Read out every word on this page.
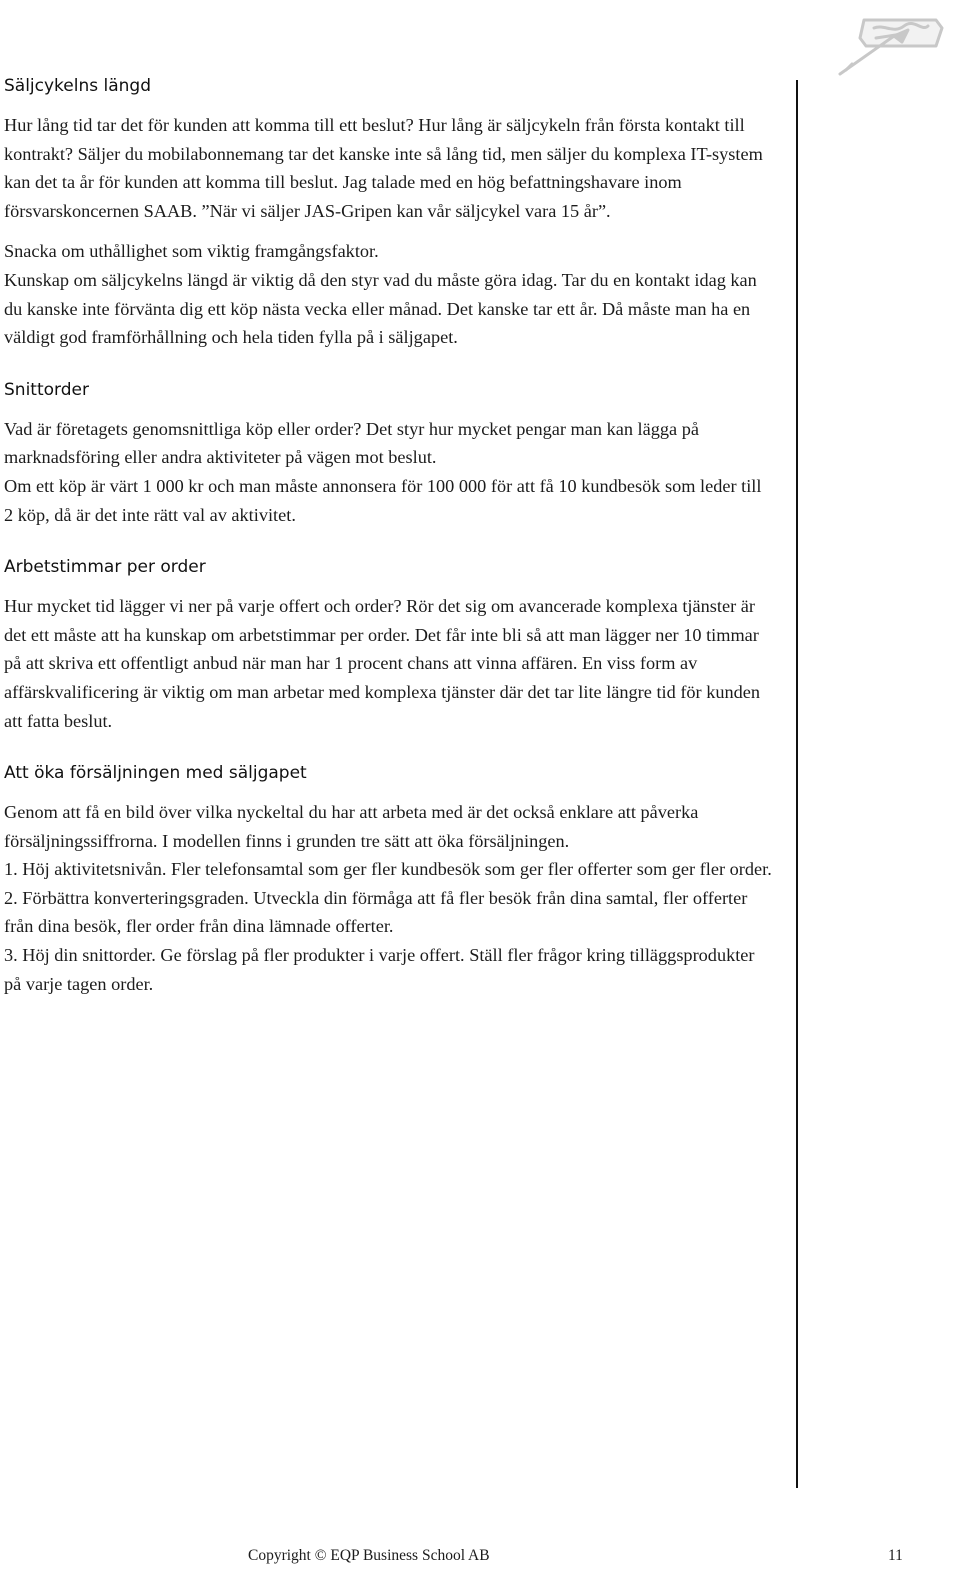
Säljcykelns längd

Hur lång tid tar det för kunden att komma till ett beslut? Hur lång är säljcykeln från första kontakt till kontrakt? Säljer du mobilabonnemang tar det kanske inte så lång tid, men säljer du komplexa IT-system kan det ta år för kunden att komma till beslut. Jag talade med en hög befattningshavare inom försvarskoncernen SAAB. ”När vi säljer JAS-Gripen kan vår säljcykel vara 15 år”.

Snacka om uthållighet som viktig framgångsfaktor.
Kunskap om säljcykelns längd är viktig då den styr vad du måste göra idag. Tar du en kontakt idag kan du kanske inte förvänta dig ett köp nästa vecka eller månad. Det kanske tar ett år. Då måste man ha en väldigt god framförhållning och hela tiden fylla på i säljgapet.

Snittorder

Vad är företagets genomsnittliga köp eller order? Det styr hur mycket pengar man kan lägga på marknadsföring eller andra aktiviteter på vägen mot beslut.
Om ett köp är värt 1 000 kr och man måste annonsera för 100 000 för att få 10 kundbesök som leder till 2 köp, då är det inte rätt val av aktivitet.

Arbetstimmar per order

Hur mycket tid lägger vi ner på varje offert och order? Rör det sig om avancerade komplexa tjänster är det ett måste att ha kunskap om arbetstimmar per order. Det får inte bli så att man lägger ner 10 timmar på att skriva ett offentligt anbud när man har 1 procent chans att vinna affären. En viss form av affärskvalificering är viktig om man arbetar med komplexa tjänster där det tar lite längre tid för kunden att fatta beslut.

Att öka försäljningen med säljgapet

Genom att få en bild över vilka nyckeltal du har att arbeta med är det också enklare att påverka försäljningssiffrorna. I modellen finns i grunden tre sätt att öka försäljningen.
1. Höj aktivitetsnivån. Fler telefonsamtal som ger fler kundbesök som ger fler offerter som ger fler order.
2. Förbättra konverteringsgraden. Utveckla din förmåga att få fler besök från dina samtal, fler offerter från dina besök, fler order från dina lämnade offerter.
3. Höj din snittorder. Ge förslag på fler produkter i varje offert. Ställ fler frågor kring tilläggsprodukter på varje tagen order.

Copyright © EQP Business School AB	11
